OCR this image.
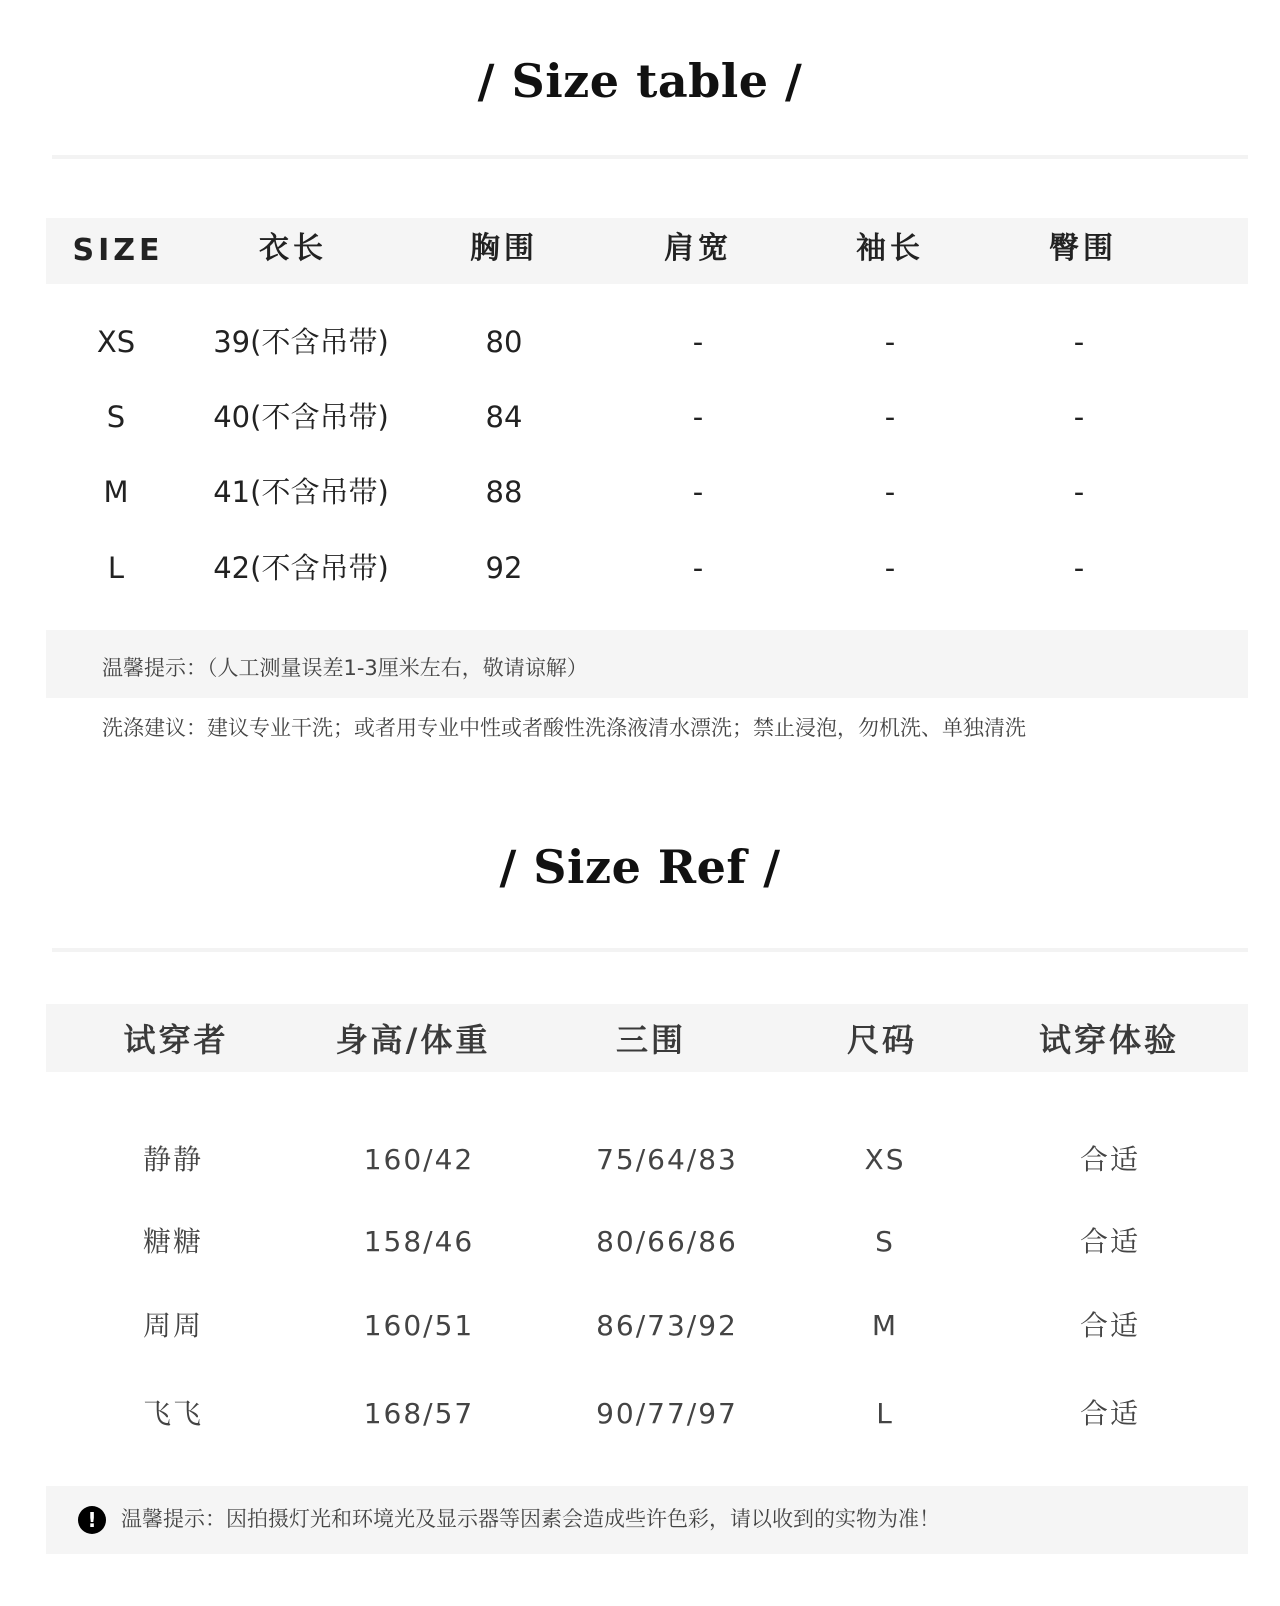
/ Size table /
SIZE	衣长	胸围	肩宽	袖长	臀围
XS	39(不含吊带)	80	-	-	-
S	40(不含吊带)	84	-	-	-
M	41(不含吊带)	88	-	-	-
L	42(不含吊带)	92	-	-	-
温馨提示：（人工测量误差1-3厘米左右，敬请谅解）
洗涤建议：建议专业干洗；或者用专业中性或者酸性洗涤液清水漂洗；禁止浸泡，勿机洗、单独清洗
/ Size Ref /
试穿者	身高/体重	三围	尺码	试穿体验
静静	160/42	75/64/83	XS	合适
糖糖	158/46	80/66/86	S	合适
周周	160/51	86/73/92	M	合适
飞飞	168/57	90/77/97	L	合适
!	温馨提示：因拍摄灯光和环境光及显示器等因素会造成些许色彩，请以收到的实物为准！
